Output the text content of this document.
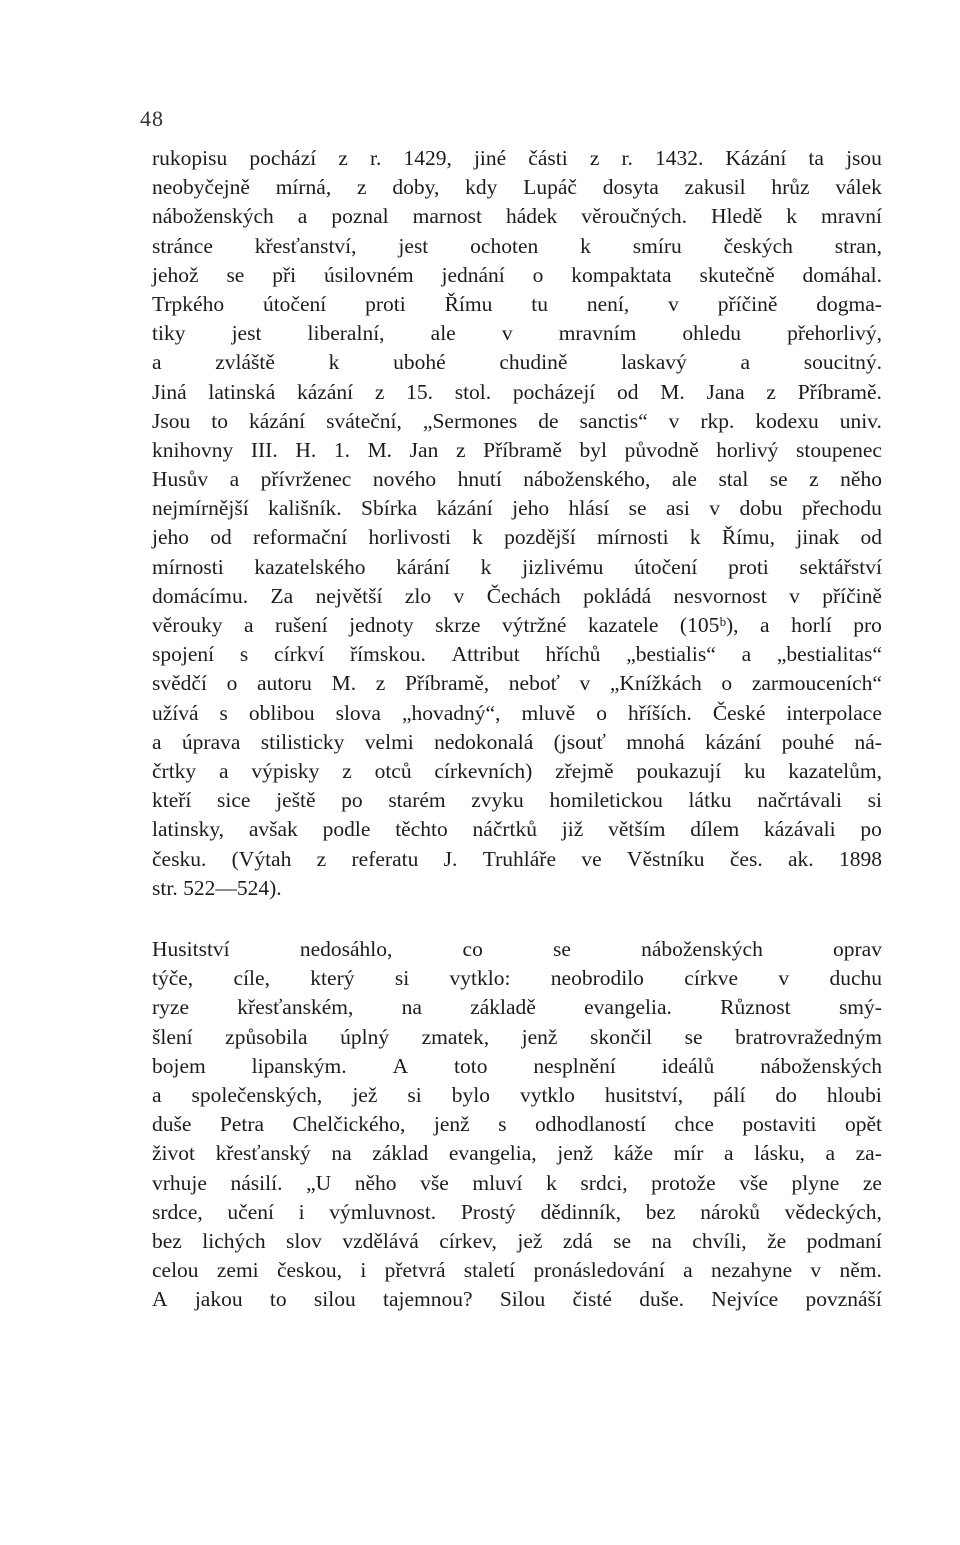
48
rukopisu pochází z r. 1429, jiné části z r. 1432. Kázání ta jsou
neobyčejně mírná, z doby, kdy Lupáč dosyta zakusil hrůz válek
náboženských a poznal marnost hádek věroučných. Hledě k mravní
stránce křesťanství, jest ochoten k smíru českých stran,
jehož se při úsilovném jednání o kompaktata skutečně domáhal.
Trpkého útočení proti Římu tu není, v příčině dogma-
tiky jest liberalní, ale v mravním ohledu přehorlivý,
a zvláště k ubohé chudině laskavý a soucitný.
Jiná latinská kázání z 15. stol. pocházejí od M. Jana z Příbramě.
Jsou to kázání sváteční, „Sermones de sanctis“ v rkp. kodexu univ.
knihovny III. H. 1. M. Jan z Příbramě byl původně horlivý stoupenec
Husův a přívrženec nového hnutí náboženského, ale stal se z něho
nejmírnější kališník. Sbírka kázání jeho hlásí se asi v dobu přechodu
jeho od reformační horlivosti k pozdější mírnosti k Římu, jinak od
mírnosti kazatelského kárání k jizlivému útočení proti sektářství
domácímu. Za největší zlo v Čechách pokládá nesvornost v příčině
věrouky a rušení jednoty skrze výtržné kazatele (105ᵇ), a horlí pro
spojení s církví římskou. Attribut hříchů „bestialis“ a „bestialitas“
svědčí o autoru M. z Příbramě, neboť v „Knížkách o zarmouceních“
užívá s oblibou slova „hovadný“, mluvě o hříších. České interpolace
a úprava stilisticky velmi nedokonalá (jsouť mnohá kázání pouhé ná-
črtky a výpisky z otců církevních) zřejmě poukazují ku kazatelům,
kteří sice ještě po starém zvyku homiletickou látku načrtávali si
latinsky, avšak podle těchto náčrtků již větším dílem kázávali po
česku. (Výtah z referatu J. Truhláře ve Věstníku čes. ak. 1898
str. 522—524).
Husitství	nedosáhlo,	co	se	náboženských	oprav
týče, cíle, který si vytklo: neobrodilo církve v duchu
ryze křesťanském, na základě evangelia. Různost smý-
šlení způsobila úplný zmatek, jenž skončil se bratrovražedným
bojem lipanským. A toto nesplnění ideálů náboženských
a společenských, jež si bylo vytklo husitství, pálí do hloubi
duše Petra Chelčického, jenž s odhodlaností chce postaviti opět
život křesťanský na základ evangelia, jenž káže mír a lásku, a za-
vrhuje násilí. „U něho vše mluví k srdci, protože vše plyne ze
srdce, učení i výmluvnost. Prostý dědinník, bez nároků vědeckých,
bez lichých slov vzdělává církev, jež zdá se na chvíli, že podmaní
celou zemi českou, i přetvrá staletí pronásledování a nezahyne v něm.
A jakou to silou tajemnou? Silou čisté duše. Nejvíce povznáší
